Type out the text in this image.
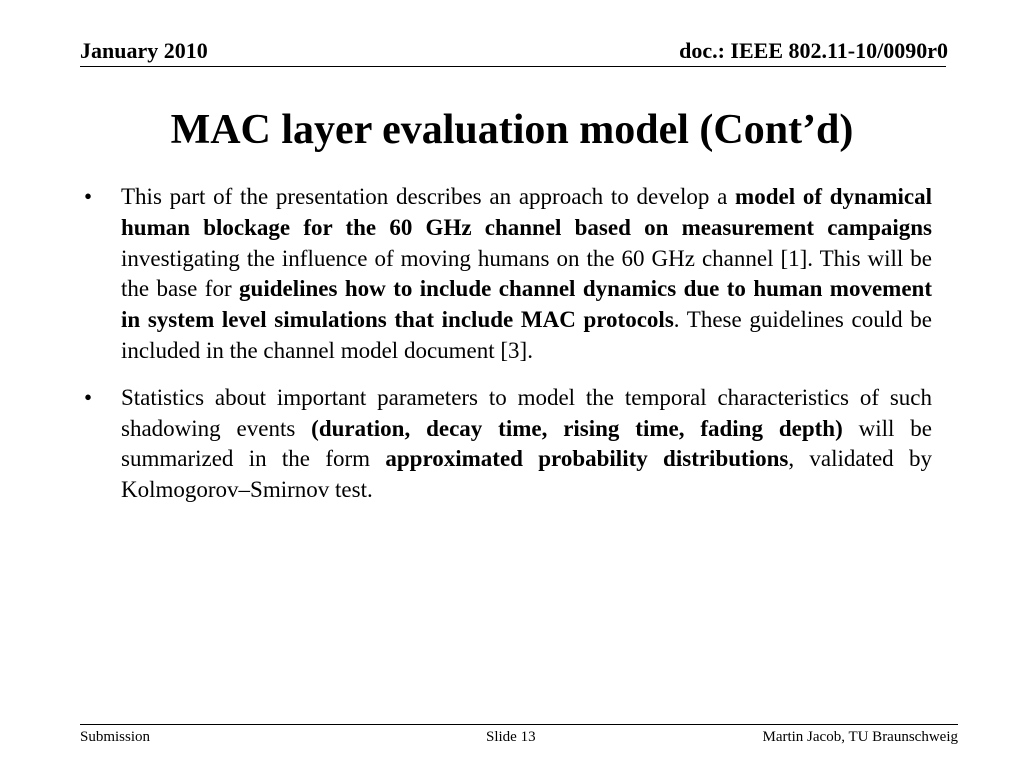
January 2010	doc.: IEEE 802.11-10/0090r0
MAC layer evaluation model (Cont’d)
• This part of the presentation describes an approach to develop a model of dynamical human blockage for the 60 GHz channel based on measurement campaigns investigating the influence of moving humans on the 60 GHz channel [1]. This will be the base for guidelines how to include channel dynamics due to human movement in system level simulations that include MAC protocols. These guidelines could be included in the channel model document [3].
• Statistics about important parameters to model the temporal characteristics of such shadowing events (duration, decay time, rising time, fading depth) will be summarized in the form approximated probability distributions, validated by Kolmogorov–Smirnov test.
Submission	Slide 13	Martin Jacob, TU Braunschweig
